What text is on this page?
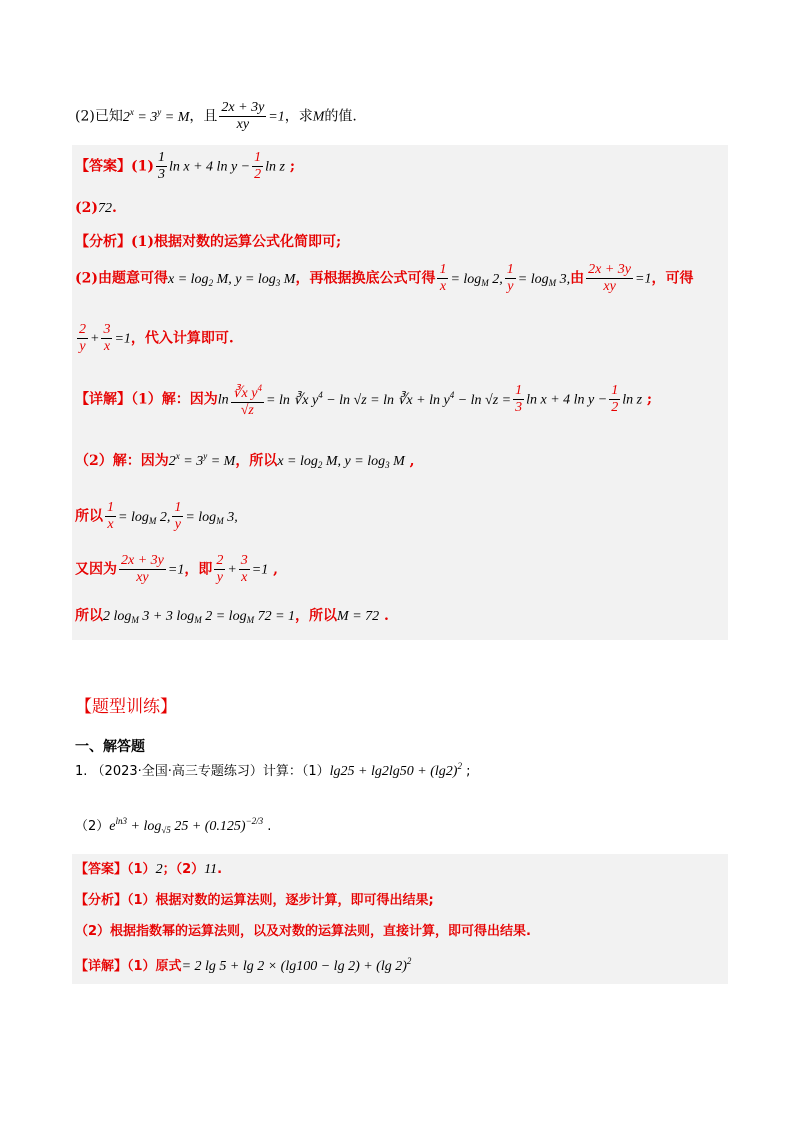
(2)已知$2^x = 3^y = M$，且 $\frac{2x + 3y}{xy} =1$，求M的值.
【答案】$(1) \frac{1}{3}$ ln x + 4 $\ln y - \frac{1}{2}$ ln z ;
(2)72.
【分析】(1)根据对数的运算公式化简即可;
(2)由题意可得$x = \log_2 M$, $y = \log_3 M$，再根据换底公式可得 $\frac{1}{x} = \log_M 2$, $\frac{1}{y} = \log_M 3$,由 $\frac{2x + 3y}{xy} =1$，可得
$\frac{2}{y} + \frac{3}{x} =1$，代入计算即可.
【详解】（1）解：因为$\ln \frac{∛x y^4}{√z} = \ln$ ∛x $y^4 - \ln √z = \ln$ ∛x + $\ln y^4 - \ln √z = \frac{1}{3}$ ln x + 4 $\ln y - \frac{1}{2}$ ln z ;
（2）解：因为$2^x = 3^y = M$，所以$x = \log_2 M$, $y = \log_3 M$ ,
所以 $\frac{1}{x} = \log_M 2$, $\frac{1}{y} = \log_M 3$,
又因为 $\frac{2x + 3y}{xy} =1$，即 $\frac{2}{y} + \frac{3}{x} =1$ ,
所以2 $\log_M 3 + 3$ $\log_M 2 = \log_M 72 = 1$，所以M = 72 .
【题型训练】
一、解答题
1. （2023·全国·高三专题练习）计算：$(1)\lg 25 + \lg 2\lg 50 + (\lg 2)^2$ ;
$(2)e^{ln3} + \log_{√5} 25 + (0.125)^{-2/3}$ .
【答案】（1）2；（2）11.
【分析】（1）根据对数的运算法则，逐步计算，即可得出结果;
（2）根据指数幂的运算法则，以及对数的运算法则，直接计算，即可得出结果.
【详解】（1）原式= 2 lg 5 + lg 2 × (lg100 − lg 2) + (lg 2)$^2$
